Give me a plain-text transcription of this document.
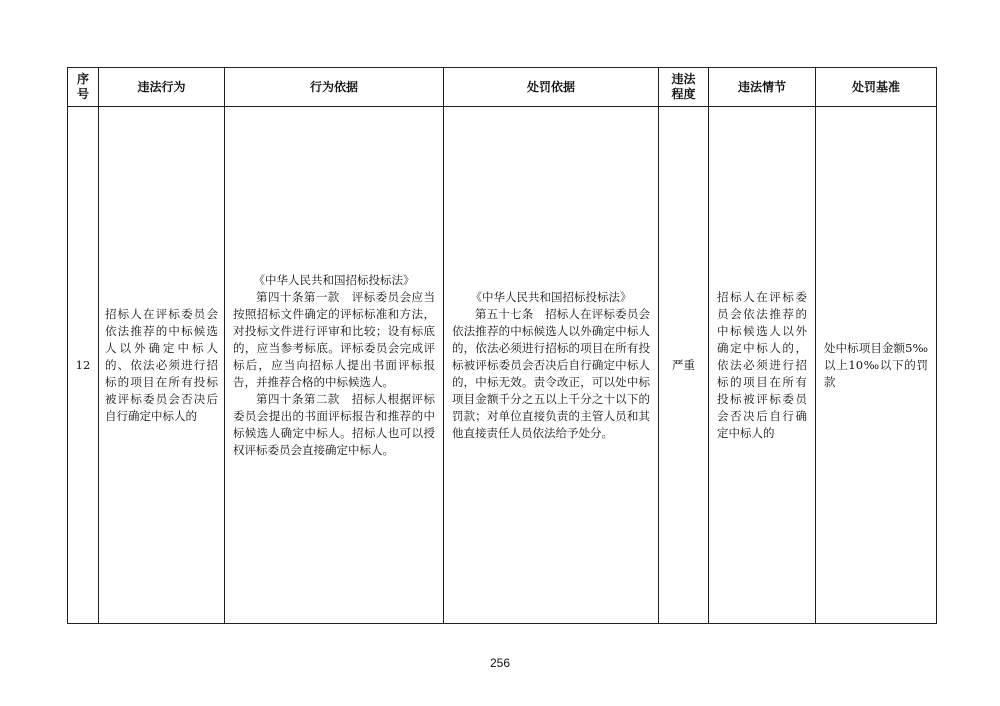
序
号	违法行为	行为依据	处罚依据	违法
程度	违法情节	处罚基准
12	招标人在评标委员会依法推荐的中标候选人以外确定中标人的、依法必须进行招标的项目在所有投标被评标委员会否决后自行确定中标人的	《中华人民共和国招标投标法》
第四十条第一款　评标委员会应当按照招标文件确定的评标标准和方法，对投标文件进行评审和比较；设有标底的，应当参考标底。评标委员会完成评标后，应当向招标人提出书面评标报告，并推荐合格的中标候选人。
第四十条第二款　招标人根据评标委员会提出的书面评标报告和推荐的中标候选人确定中标人。招标人也可以授权评标委员会直接确定中标人。	《中华人民共和国招标投标法》
第五十七条　招标人在评标委员会依法推荐的中标候选人以外确定中标人的，依法必须进行招标的项目在所有投标被评标委员会否决后自行确定中标人的，中标无效。责令改正，可以处中标项目金额千分之五以上千分之十以下的罚款；对单位直接负责的主管人员和其他直接责任人员依法给予处分。	严重	招标人在评标委员会依法推荐的中标候选人以外确定中标人的，依法必须进行招标的项目在所有投标被评标委员会否决后自行确定中标人的	处中标项目金额5‰以上10‰以下的罚款
256
